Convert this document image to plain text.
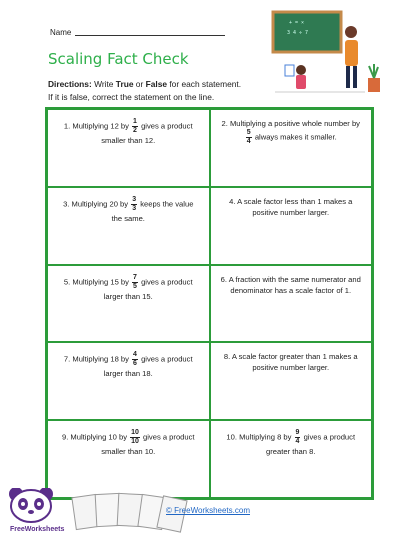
Name
Scaling Fact Check
Directions: Write True or False for each statement.
If it is false, correct the statement on the line.
+ = ×
3 4 ÷ 7
1. Multiplying 12 by $\frac{1}{2}$ gives a product smaller than 12.
2. Multiplying a positive whole number by
$\frac{5}{4}$ always makes it smaller.
3. Multiplying 20 by $\frac{3}{3}$ keeps the value the same.
4. A scale factor less than 1 makes a positive number larger.
5. Multiplying 15 by $\frac{7}{5}$ gives a product larger than 15.
6. A fraction with the same numerator and denominator has a scale factor of 1.
7. Multiplying 18 by $\frac{4}{6}$ gives a product larger than 18.
8. A scale factor greater than 1 makes a positive number larger.
9. Multiplying 10 by $\frac{10}{10}$ gives a product smaller than 10.
10. Multiplying 8 by $\frac{9}{4}$ gives a product greater than 8.
FreeWorksheets
© FreeWorksheets.com
